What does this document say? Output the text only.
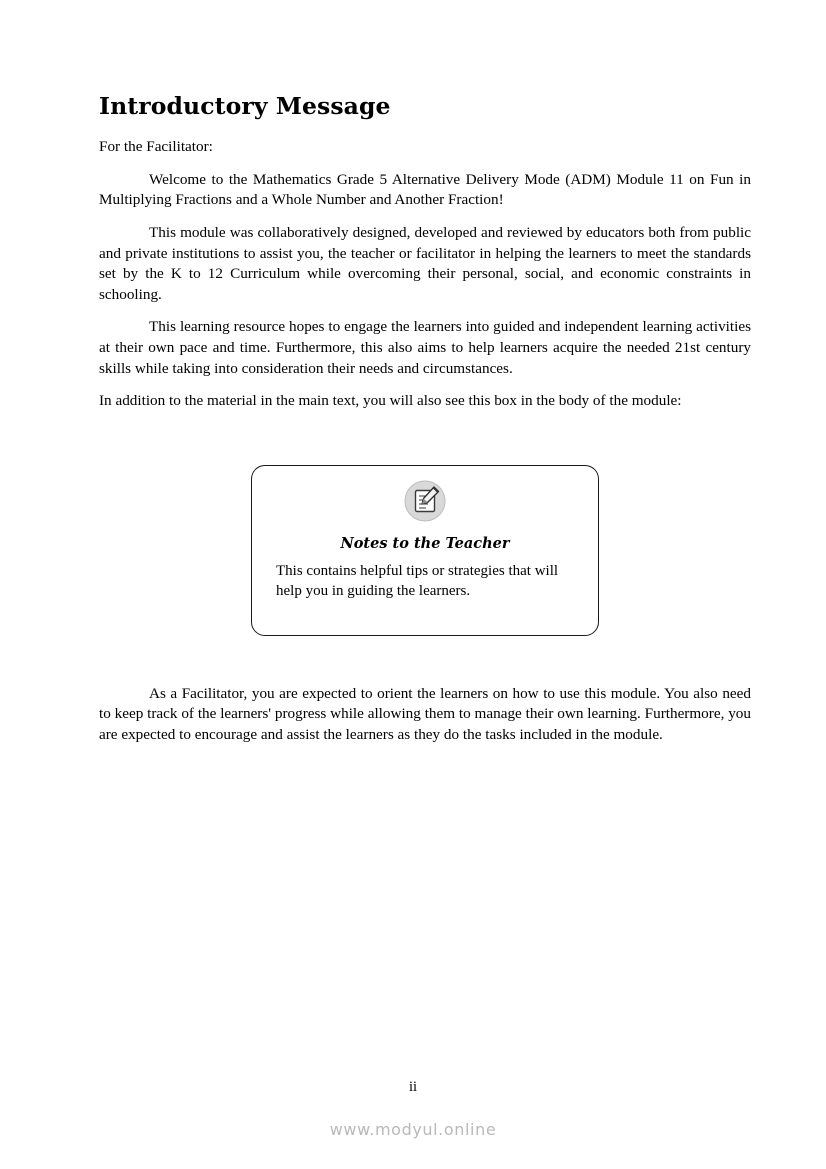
Introductory Message

For the Facilitator:

Welcome to the Mathematics Grade 5 Alternative Delivery Mode (ADM) Module 11 on Fun in Multiplying Fractions and a Whole Number and Another Fraction!

This module was collaboratively designed, developed and reviewed by educators both from public and private institutions to assist you, the teacher or facilitator in helping the learners to meet the standards set by the K to 12 Curriculum while overcoming their personal, social, and economic constraints in schooling.

This learning resource hopes to engage the learners into guided and independent learning activities at their own pace and time. Furthermore, this also aims to help learners acquire the needed 21st century skills while taking into consideration their needs and circumstances.

In addition to the material in the main text, you will also see this box in the body of the module:

Notes to the Teacher
This contains helpful tips or strategies that will help you in guiding the learners.

As a Facilitator, you are expected to orient the learners on how to use this module. You also need to keep track of the learners' progress while allowing them to manage their own learning. Furthermore, you are expected to encourage and assist the learners as they do the tasks included in the module.

ii
www.modyul.online
